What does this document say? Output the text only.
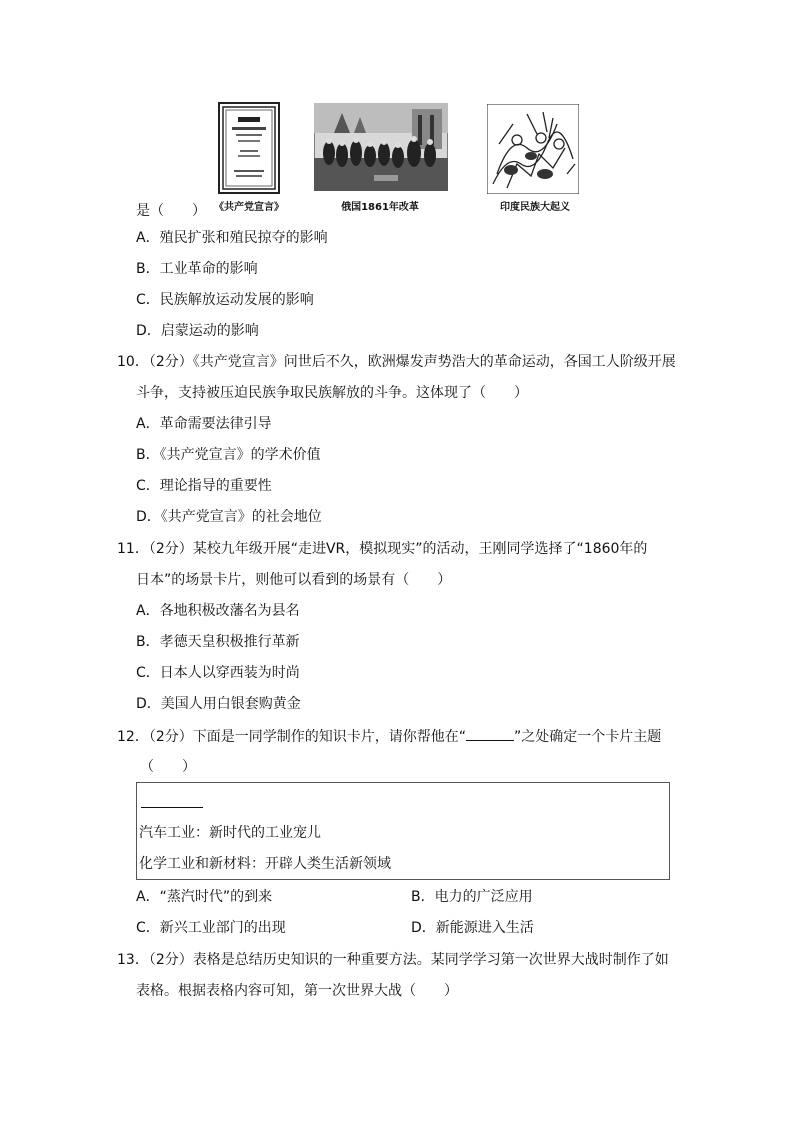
《共产党宣言》	俄国1861年改革	印度民族大起义
是（　　）
A．殖民扩张和殖民掠夺的影响
B．工业革命的影响
C．民族解放运动发展的影响
D．启蒙运动的影响
10．（2分）《共产党宣言》问世后不久，欧洲爆发声势浩大的革命运动，各国工人阶级开展
斗争，支持被压迫民族争取民族解放的斗争。这体现了（　　）
A．革命需要法律引导
B．《共产党宣言》的学术价值
C．理论指导的重要性
D．《共产党宣言》的社会地位
11．（2分）某校九年级开展“走进VR，模拟现实”的活动，王刚同学选择了“1860年的
日本”的场景卡片，则他可以看到的场景有（　　）
A．各地积极改藩名为县名
B．孝德天皇积极推行革新
C．日本人以穿西装为时尚
D．美国人用白银套购黄金
12．（2分）下面是一同学制作的知识卡片，请你帮他在“	”之处确定一个卡片主题
（　　）
汽车工业：新时代的工业宠儿
化学工业和新材料：开辟人类生活新领域
A．“蒸汽时代”的到来	B．电力的广泛应用
C．新兴工业部门的出现	D．新能源进入生活
13．（2分）表格是总结历史知识的一种重要方法。某同学学习第一次世界大战时制作了如
表格。根据表格内容可知，第一次世界大战（　　）
